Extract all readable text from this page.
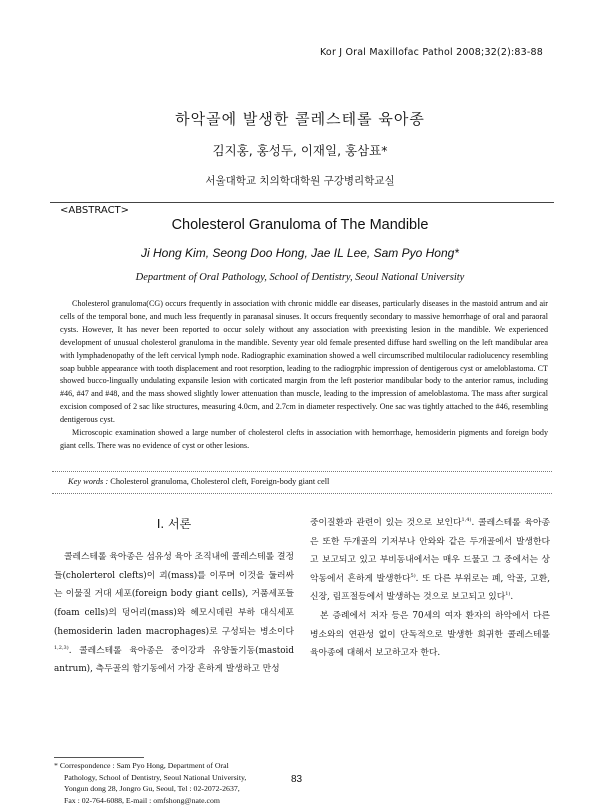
Kor J Oral Maxillofac Pathol 2008;32(2):83-88
하악골에 발생한 콜레스테롤 육아종
김지홍, 홍성두, 이재일, 홍삼표*
서울대학교 치의학대학원 구강병리학교실
<ABSTRACT>
Cholesterol Granuloma of The Mandible
Ji Hong Kim, Seong Doo Hong, Jae IL Lee, Sam Pyo Hong*
Department of Oral Pathology, School of Dentistry, Seoul National University

Cholesterol granuloma(CG) occurs frequently in association with chronic middle ear diseases, particularly diseases in the mastoid antrum and air cells of the temporal bone, and much less frequently in paranasal sinuses. It occurs frequently secondary to massive hemorrhage of oral and paraoral cysts. However, It has never been reported to occur solely without any association with preexisting lesion in the mandible. We experienced development of unusual cholesterol granuloma in the mandible. Seventy year old female presented diffuse hard swelling on the left mandibular area with lymphadenopathy of the left cervical lymph node. Radiographic examination showed a well circumscribed multilocular radiolucency resembling soap bubble appearance with tooth displacement and root resorption, leading to the radiogrphic impression of dentigerous cyst or ameloblastoma. CT showed bucco-lingually undulating expansile lesion with corticated margin from the left posterior mandibular body to the anterior ramus, including #46, #47 and #48, and the mass showed slightly lower attenuation than muscle, leading to the impression of ameloblastoma. The mass after surgical excision composed of 2 sac like structures, measuring 4.0cm, and 2.7cm in diameter respectively. One sac was tightly attached to the #46, resembling dentigerous cyst.

Microscopic examination showed a large number of cholesterol clefts in association with hemorrhage, hemosiderin pigments and foreign body giant cells. There was no evidence of cyst or other lesions.

Key words : Cholesterol granuloma, Cholesterol cleft, Foreign-body giant cell
I. 서론

콜레스테롤 육아종은 섬유성 육아 조직내에 콜레스테롤 결정들(cholerterol clefts)이 괴(mass)를 이루며 이것을 둘러싸는 이물질 거대 세포(foreign body giant cells), 거품세포들(foam cells)의 덩어리(mass)와 헤모시데린 부하 대식세포(hemosiderin laden macrophages)로 구성되는 병소이다$^{1,2,3)}$. 콜레스테롤 육아종은 중이강과 유양돌기동(mastoid antrum), 측두골의 함기동에서 가장 흔하게 발생하고 만성

중이질환과 관련이 있는 것으로 보인다$^{1,4)}$. 콜레스테롤 육아종은 또한 두개골의 기저부나 안와와 같은 두개골에서 발생한다고 보고되고 있고 부비동내에서는 매우 드물고 그 중에서는 상악동에서 흔하게 발생한다$^{5)}$. 또 다른 부위로는 폐, 악골, 고환, 신장, 림프절등에서 발생하는 것으로 보고되고 있다$^{1)}$.

본 증례에서 저자 등은 70세의 여자 환자의 하악에서 다른 병소와의 연관성 없이 단독적으로 발생한 희귀한 콜레스테롤 육아종에 대해서 보고하고자 한다.

* Correspondence : Sam Pyo Hong, Department of Oral
Pathology, School of Dentistry, Seoul National University,
Yongun dong 28, Jongro Gu, Seoul, Tel : 02-2072-2637,
Fax : 02-764-6088, E-mail : omfshong@nate.com
83
